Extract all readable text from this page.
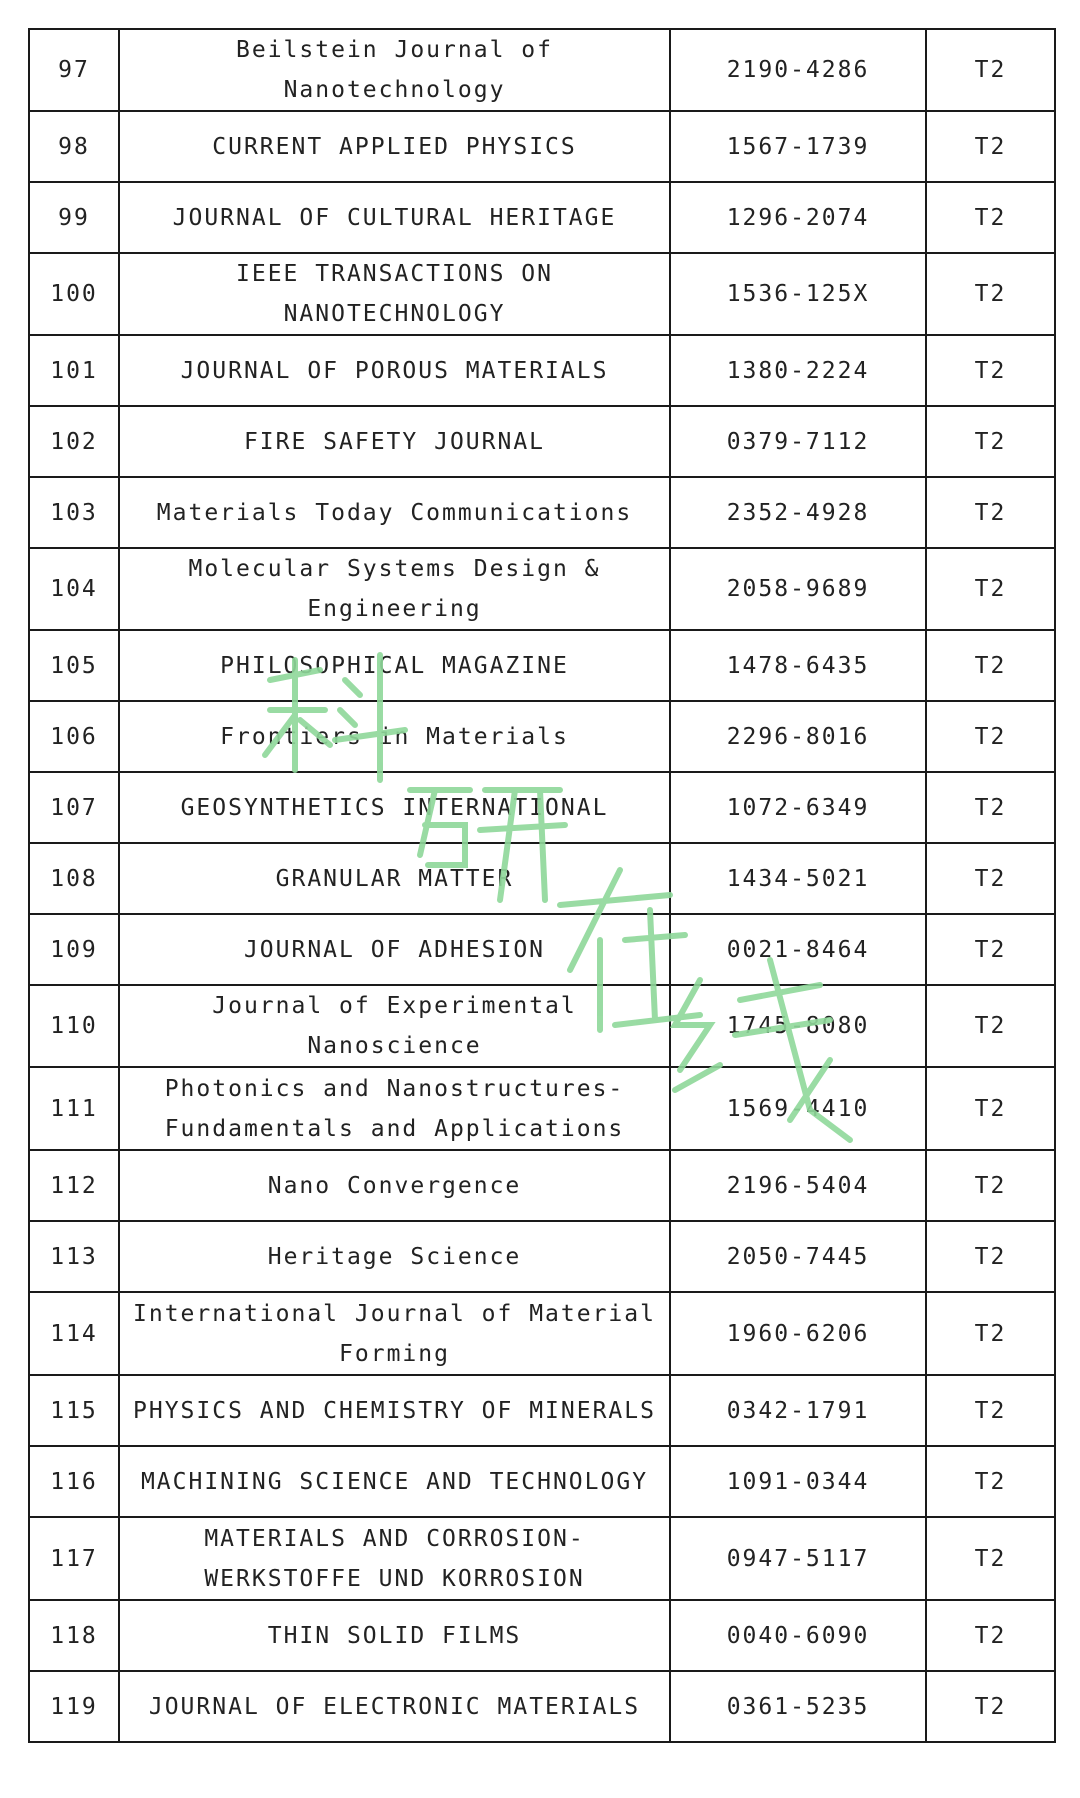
97	Beilstein Journal of Nanotechnology	2190-4286	T2
98	CURRENT APPLIED PHYSICS	1567-1739	T2
99	JOURNAL OF CULTURAL HERITAGE	1296-2074	T2
100	IEEE TRANSACTIONS ON NANOTECHNOLOGY	1536-125X	T2
101	JOURNAL OF POROUS MATERIALS	1380-2224	T2
102	FIRE SAFETY JOURNAL	0379-7112	T2
103	Materials Today Communications	2352-4928	T2
104	Molecular Systems Design & Engineering	2058-9689	T2
105	PHILOSOPHICAL MAGAZINE	1478-6435	T2
106	Frontiers in Materials	2296-8016	T2
107	GEOSYNTHETICS INTERNATIONAL	1072-6349	T2
108	GRANULAR MATTER	1434-5021	T2
109	JOURNAL OF ADHESION	0021-8464	T2
110	Journal of Experimental Nanoscience	1745-8080	T2
111	Photonics and Nanostructures-Fundamentals and Applications	1569-4410	T2
112	Nano Convergence	2196-5404	T2
113	Heritage Science	2050-7445	T2
114	International Journal of Material Forming	1960-6206	T2
115	PHYSICS AND CHEMISTRY OF MINERALS	0342-1791	T2
116	MACHINING SCIENCE AND TECHNOLOGY	1091-0344	T2
117	MATERIALS AND CORROSION-WERKSTOFFE UND KORROSION	0947-5117	T2
118	THIN SOLID FILMS	0040-6090	T2
119	JOURNAL OF ELECTRONIC MATERIALS	0361-5235	T2
